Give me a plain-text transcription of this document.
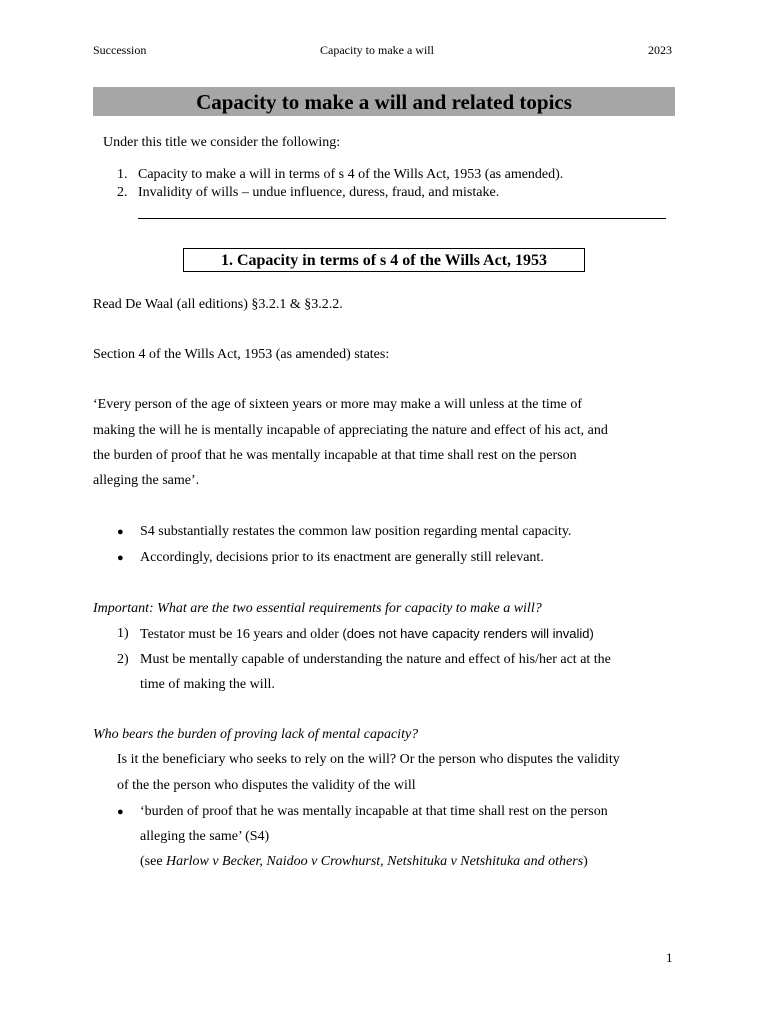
Succession	Capacity to make a will	2023
Capacity to make a will and related topics
Under this title we consider the following:
1. Capacity to make a will in terms of s 4 of the Wills Act, 1953 (as amended).
2. Invalidity of wills – undue influence, duress, fraud, and mistake.
1. Capacity in terms of s 4 of the Wills Act, 1953
Read De Waal (all editions) §3.2.1 & §3.2.2.
Section 4 of the Wills Act, 1953 (as amended) states:
‘Every person of the age of sixteen years or more may make a will unless at the time of
making the will he is mentally incapable of appreciating the nature and effect of his act, and
the burden of proof that he was mentally incapable at that time shall rest on the person
alleging the same’.
● S4 substantially restates the common law position regarding mental capacity.
● Accordingly, decisions prior to its enactment are generally still relevant.
Important: What are the two essential requirements for capacity to make a will?
1) Testator must be 16 years and older (does not have capacity renders will invalid)
2) Must be mentally capable of understanding the nature and effect of his/her act at the
time of making the will.
Who bears the burden of proving lack of mental capacity?
Is it the beneficiary who seeks to rely on the will? Or the person who disputes the validity
of the the person who disputes the validity of the will
● ‘burden of proof that he was mentally incapable at that time shall rest on the person
alleging the same’ (S4)
(see Harlow v Becker, Naidoo v Crowhurst, Netshituka v Netshituka and others)
1
